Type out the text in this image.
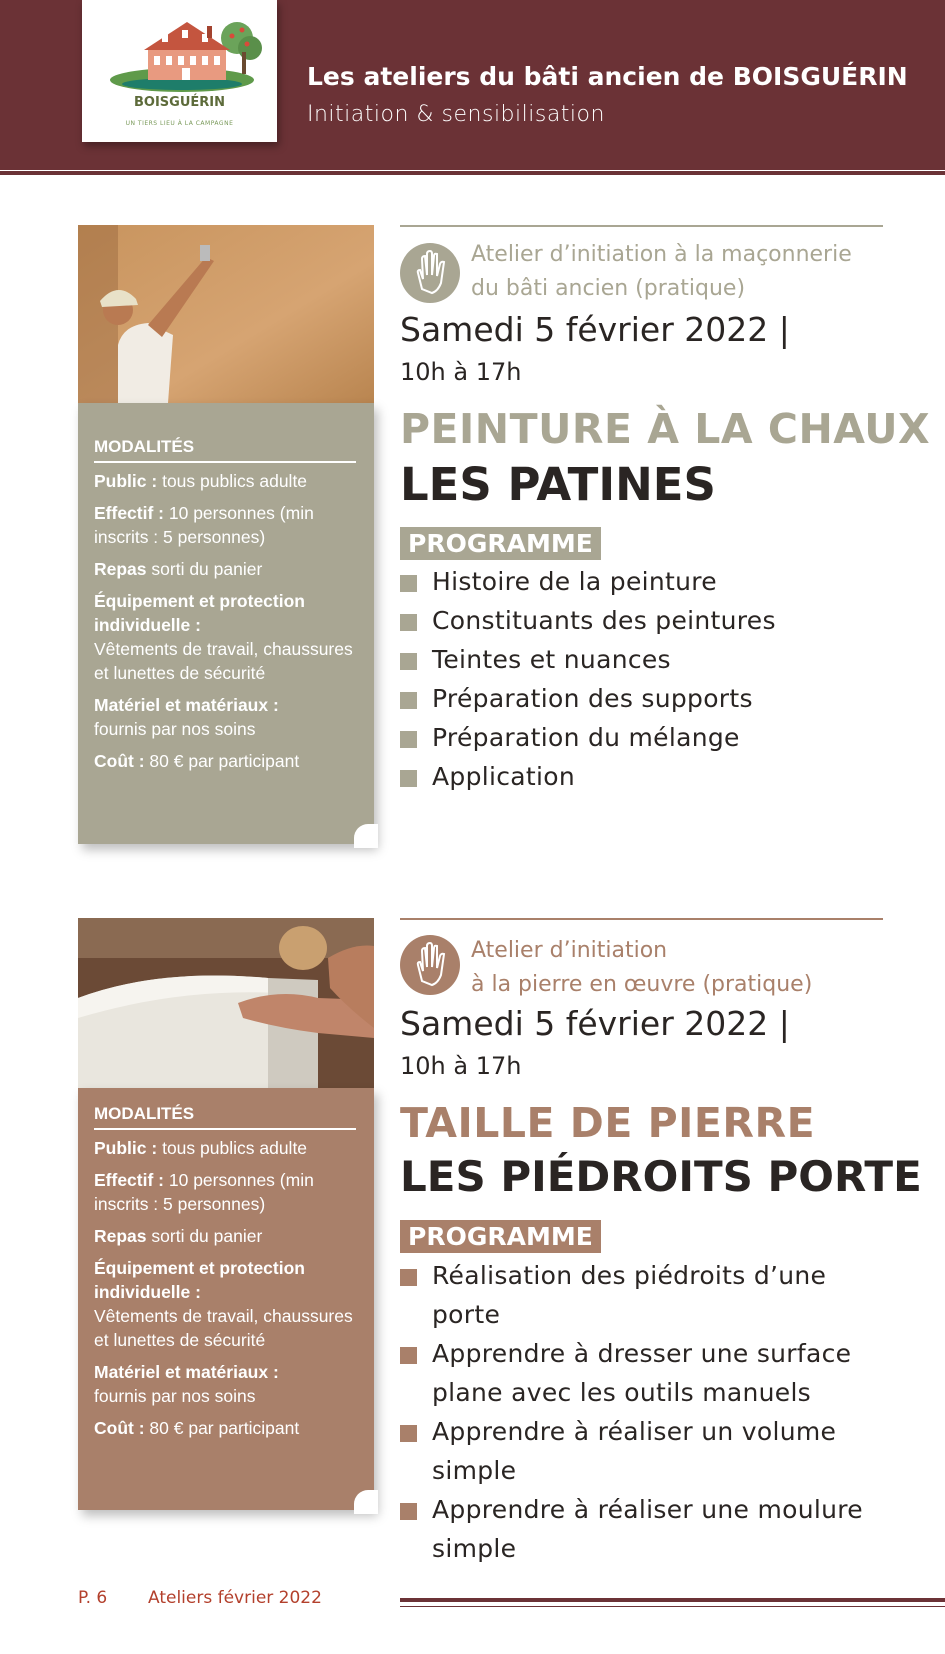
BOISGUÉRIN
UN TIERS LIEU À LA CAMPAGNE
Les ateliers du bâti ancien de BOISGUÉRIN
Initiation & sensibilisation
MODALITÉS

Public : tous publics adulte

Effectif : 10 personnes (min inscrits : 5 personnes)

Repas sorti du panier

Équipement et protection individuelle :
Vêtements de travail, chaussures et lunettes de sécurité

Matériel et matériaux :
fournis par nos soins

Coût : 80 € par participant

Atelier d’initiation à la maçonnerie
du bâti ancien (pratique)
Samedi 5 février 2022 |
10h à 17h
PEINTURE À LA CHAUX
LES PATINES
PROGRAMME
Histoire de la peinture
Constituants des peintures
Teintes et nuances
Préparation des supports
Préparation du mélange
Application
MODALITÉS

Public : tous publics adulte

Effectif : 10 personnes (min inscrits : 5 personnes)

Repas sorti du panier

Équipement et protection individuelle :
Vêtements de travail, chaussures et lunettes de sécurité

Matériel et matériaux :
fournis par nos soins

Coût : 80 € par participant

Atelier d’initiation
à la pierre en œuvre (pratique)
Samedi 5 février 2022 |
10h à 17h
TAILLE DE PIERRE
LES PIÉDROITS PORTE
PROGRAMME
Réalisation des piédroits d’une porte
Apprendre à dresser une surface plane avec les outils manuels
Apprendre à réaliser un volume simple
Apprendre à réaliser une moulure simple
P. 6 Ateliers février 2022
